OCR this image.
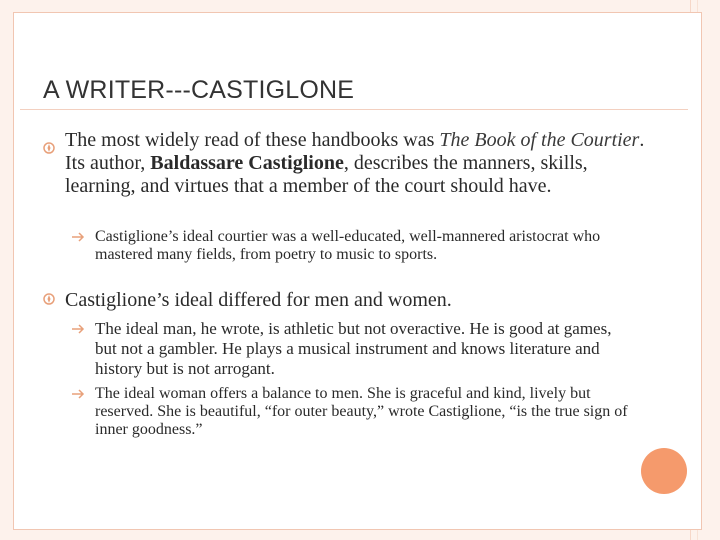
A WRITER---CASTIGLONE
The most widely read of these handbooks was The Book of the Courtier. Its author, Baldassare Castiglione, describes the manners, skills, learning, and virtues that a member of the court should have.
Castiglione’s ideal courtier was a well-educated, well-mannered aristocrat who mastered many fields, from poetry to music to sports.
Castiglione’s ideal differed for men and women.
The ideal man, he wrote, is athletic but not overactive. He is good at games, but not a gambler. He plays a musical instrument and knows literature and history but is not arrogant.
The ideal woman offers a balance to men. She is graceful and kind, lively but reserved. She is beautiful, “for outer beauty,” wrote Castiglione, “is the true sign of inner goodness.”
